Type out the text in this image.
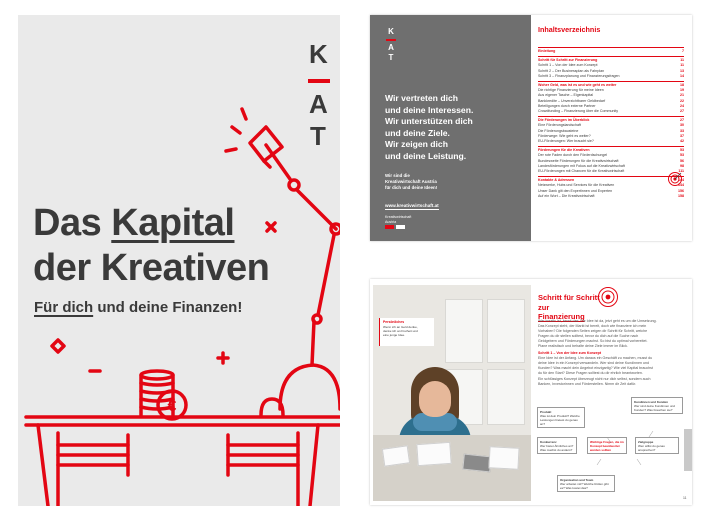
K
A
T
Das Kapital
der Kreativen
Für dich und deine Finanzen!
€
K
A
T
Wir vertreten dich
und deine Interessen.
Wir unterstützen dich
und deine Ziele.
Wir zeigen dich
und deine Leistung.
Wir sind die
Kreativwirtschaft Austria
für dich und deine Ideen!
www.kreativwirtschaft.at
Kreativwirtschaft
Austria
Inhaltsverzeichnis
Einleitung	7
Schritt für Schritt zur Finanzierung	11
Schritt 1 – Von der Idee zum Konzept	11
Schritt 2 – Der Businessplan als Fahrplan	13
Schritt 3 – Finanzplanung und Finanzierungsfragen	14
Woher Geld, was ist es und wie geht es weiter	18
Die richtige Finanzierung für meine Ideen	19
Aus eigener Tasche – Eigenkapital	21
Bankkredite – Unverzichtbarer Geldbedarf	22
Beteiligungen durch externe Partner	24
Crowdfunding – Finanzierung über die Community	27
Die Förderungen im Überblick	27
Eine Förderungslandschaft	30
Die Förderungsbausteine	33
Förderwege: Wie geht es weiter?	37
EU-Förderungen: Wer braucht sie?	42
Förderungen für die Kreativen	53
Der rote Faden durch den Förderdschungel	53
Bundesweite Förderungen für die Kreativwirtschaft	56
Landesförderungen mit Fokus auf die Kreativwirtschaft	98
EU-Förderungen mit Chancen für die Kreativwirtschaft	111
Kontakte & Adressen	144
Netzwerke, Hubs und Services für die Kreativen	144
Unser Dank gilt den Expertinnen und Experten	156
Auf ein Wort – Die Kreativwirtschaft	158
Persönliches
Wenn ich an Geld denke,
denke ich an Freiheit und
eine junge Idee.
Schritt für Schritt
zur
Finanzierung
Wer kreativ ist, kennt das: Die Idee ist da, jetzt geht es um die Umsetzung.
Das Konzept steht, der Markt ist bereit, doch wie finanziere ich mein
Vorhaben? Die folgenden Seiten zeigen dir Schritt für Schritt, welche
Fragen du dir stellen solltest, bevor du dich auf die Suche nach
Geldgebern und Förderungen machst. So bist du optimal vorbereitet.
Plane realistisch und behalte deine Ziele immer im Blick.
Schritt 1 – Von der Idee zum Konzept
Eine Idee ist der Anfang. Um daraus ein Geschäft zu machen, musst du
deine Idee in ein Konzept verwandeln. Wer sind deine Kundinnen und
Kunden? Was macht dein Angebot einzigartig? Wie viel Kapital brauchst
du für den Start? Diese Fragen solltest du dir ehrlich beantworten.
Ein schlüssiges Konzept überzeugt nicht nur dich selbst, sondern auch
Banken, Investorinnen und Förderstellen. Nimm dir Zeit dafür.
Produkt
Was ist dein Produkt? Welche Leistungen bietest du genau an?
Kundinnen und Kunden
Wer sind deine Kundinnen und Kunden? Was brauchen sie?
Konkurrenz
Wer bietet Ähnliches an? Was machst du anders?
Wichtige Fragen, die im Konzept beantwortet werden sollten
Zielgruppe
Wen willst du genau ansprechen?
Organisation und Team
Wer arbeitet mit? Welche Rollen gibt es? Was kostet das?
11
